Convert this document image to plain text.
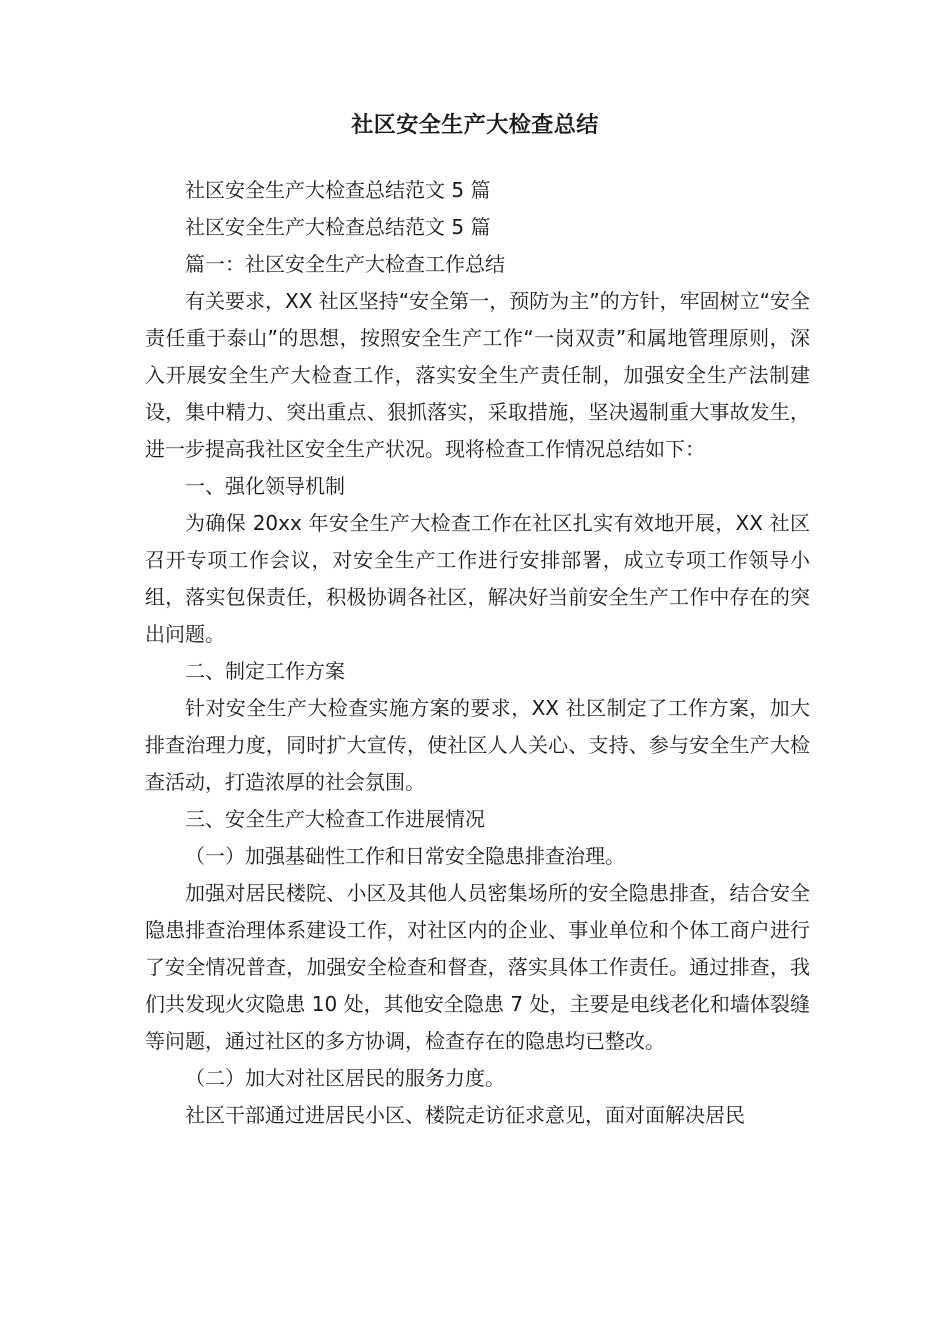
社区安全生产大检查总结

社区安全生产大检查总结范文 5 篇

社区安全生产大检查总结范文 5 篇

篇一：社区安全生产大检查工作总结

有关要求，XX 社区坚持“安全第一，预防为主”的方针，牢固树立“安全责任重于泰山”的思想，按照安全生产工作“一岗双责”和属地管理原则，深入开展安全生产大检查工作，落实安全生产责任制，加强安全生产法制建设，集中精力、突出重点、狠抓落实，采取措施，坚决遏制重大事故发生，进一步提高我社区安全生产状况。现将检查工作情况总结如下：

一、强化领导机制

为确保 20xx 年安全生产大检查工作在社区扎实有效地开展，XX 社区召开专项工作会议，对安全生产工作进行安排部署，成立专项工作领导小组，落实包保责任，积极协调各社区，解决好当前安全生产工作中存在的突出问题。

二、制定工作方案

针对安全生产大检查实施方案的要求，XX 社区制定了工作方案，加大排查治理力度，同时扩大宣传，使社区人人关心、支持、参与安全生产大检查活动，打造浓厚的社会氛围。

三、安全生产大检查工作进展情况

（一）加强基础性工作和日常安全隐患排查治理。

加强对居民楼院、小区及其他人员密集场所的安全隐患排查，结合安全隐患排查治理体系建设工作，对社区内的企业、事业单位和个体工商户进行了安全情况普查，加强安全检查和督查，落实具体工作责任。通过排查，我们共发现火灾隐患 10 处，其他安全隐患 7 处，主要是电线老化和墙体裂缝等问题，通过社区的多方协调，检查存在的隐患均已整改。

（二）加大对社区居民的服务力度。

社区干部通过进居民小区、楼院走访征求意见，面对面解决居民
